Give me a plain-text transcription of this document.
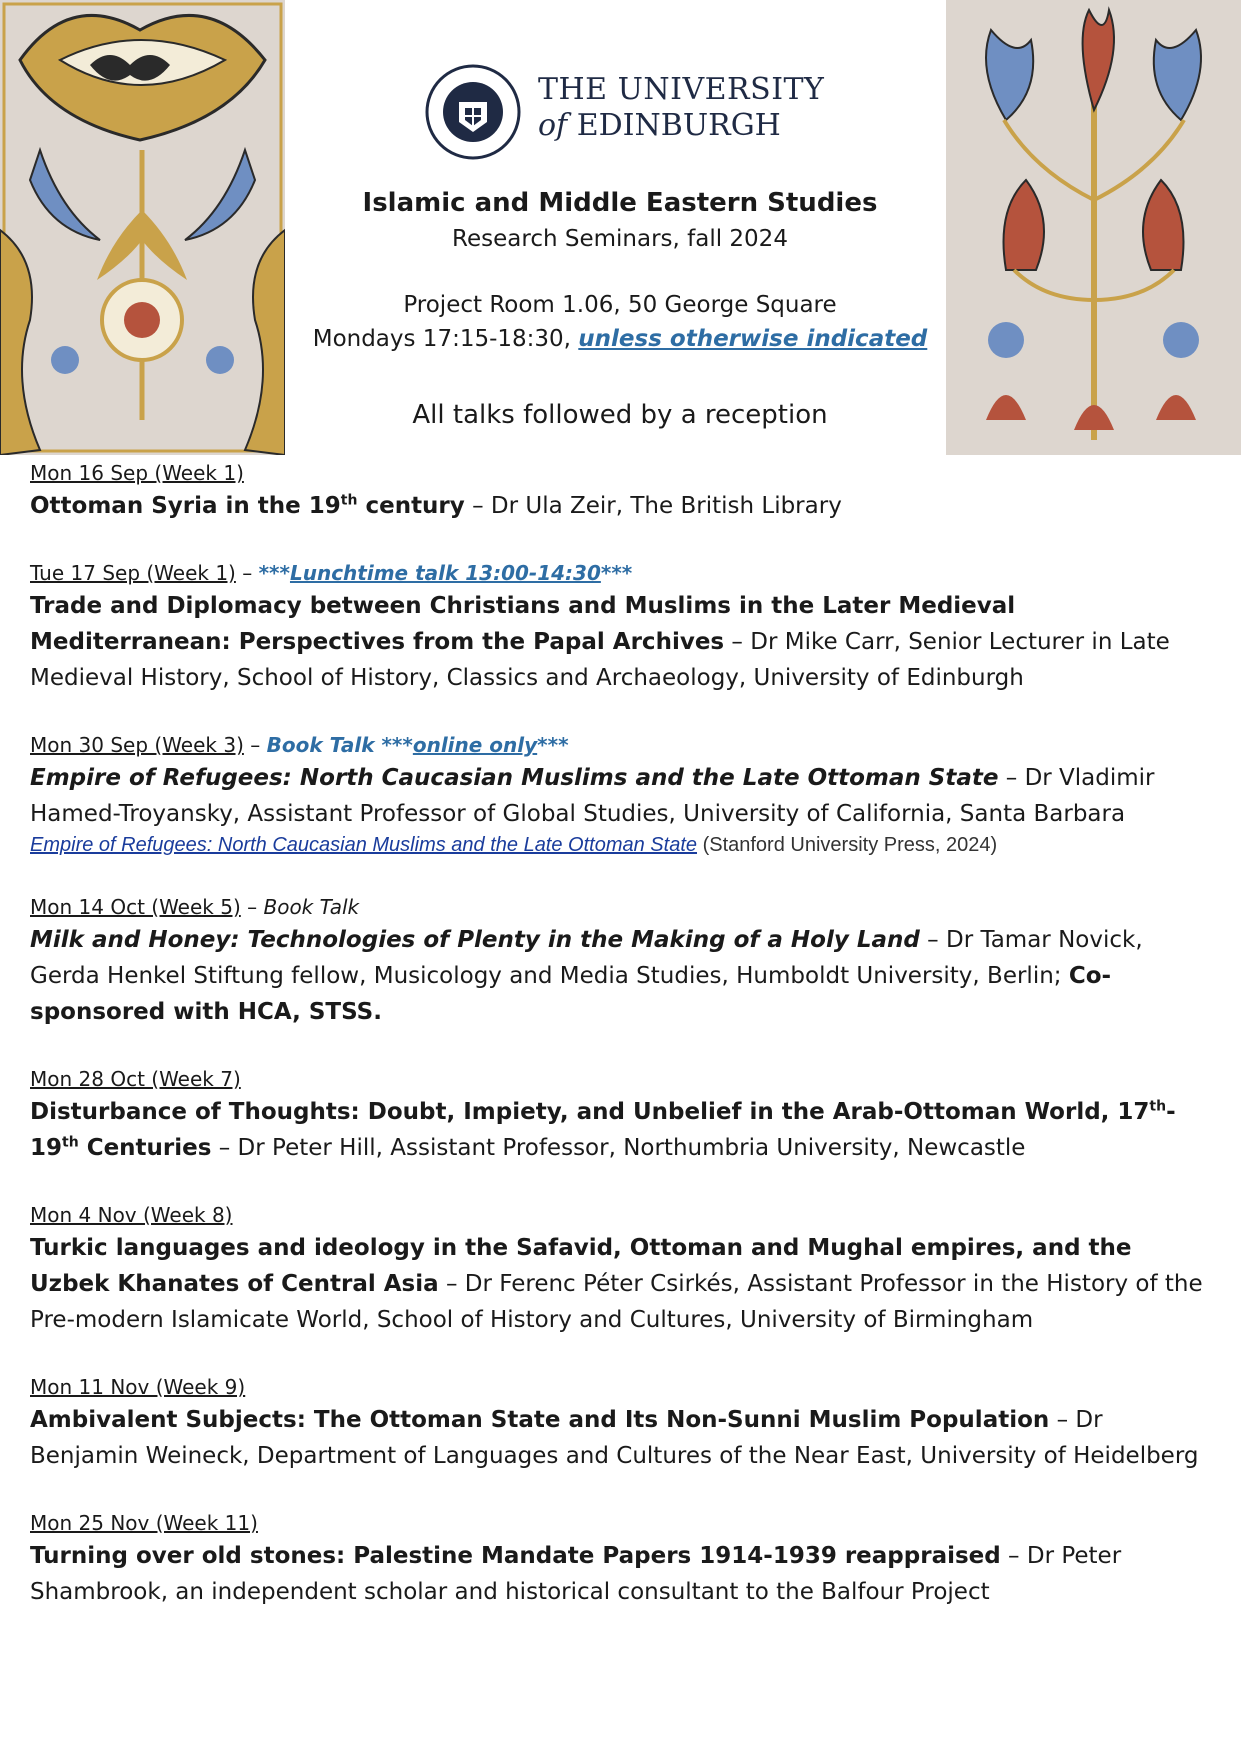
THE UNIVERSITY
of EDINBURGH
Islamic and Middle Eastern Studies
Research Seminars, fall 2024
Project Room 1.06, 50 George Square
Mondays 17:15-18:30, unless otherwise indicated
All talks followed by a reception
Mon 16 Sep (Week 1)
Ottoman Syria in the 19th century – Dr Ula Zeir, The British Library
Tue 17 Sep (Week 1) – ***Lunchtime talk 13:00-14:30***
Trade and Diplomacy between Christians and Muslims in the Later Medieval Mediterranean: Perspectives from the Papal Archives – Dr Mike Carr, Senior Lecturer in Late Medieval History, School of History, Classics and Archaeology, University of Edinburgh
Mon 30 Sep (Week 3) – Book Talk ***online only***
Empire of Refugees: North Caucasian Muslims and the Late Ottoman State – Dr Vladimir Hamed-Troyansky, Assistant Professor of Global Studies, University of California, Santa Barbara
Empire of Refugees: North Caucasian Muslims and the Late Ottoman State (Stanford University Press, 2024)
Mon 14 Oct (Week 5) – Book Talk
Milk and Honey: Technologies of Plenty in the Making of a Holy Land – Dr Tamar Novick, Gerda Henkel Stiftung fellow, Musicology and Media Studies, Humboldt University, Berlin; Co-sponsored with HCA, STSS.
Mon 28 Oct (Week 7)
Disturbance of Thoughts: Doubt, Impiety, and Unbelief in the Arab-Ottoman World, 17th-
19th Centuries – Dr Peter Hill, Assistant Professor, Northumbria University, Newcastle
Mon 4 Nov (Week 8)
Turkic languages and ideology in the Safavid, Ottoman and Mughal empires, and the Uzbek Khanates of Central Asia – Dr Ferenc Péter Csirkés, Assistant Professor in the History of the Pre-modern Islamicate World, School of History and Cultures, University of Birmingham
Mon 11 Nov (Week 9)
Ambivalent Subjects: The Ottoman State and Its Non-Sunni Muslim Population – Dr Benjamin Weineck, Department of Languages and Cultures of the Near East, University of Heidelberg
Mon 25 Nov (Week 11)
Turning over old stones: Palestine Mandate Papers 1914-1939 reappraised – Dr Peter Shambrook, an independent scholar and historical consultant to the Balfour Project
